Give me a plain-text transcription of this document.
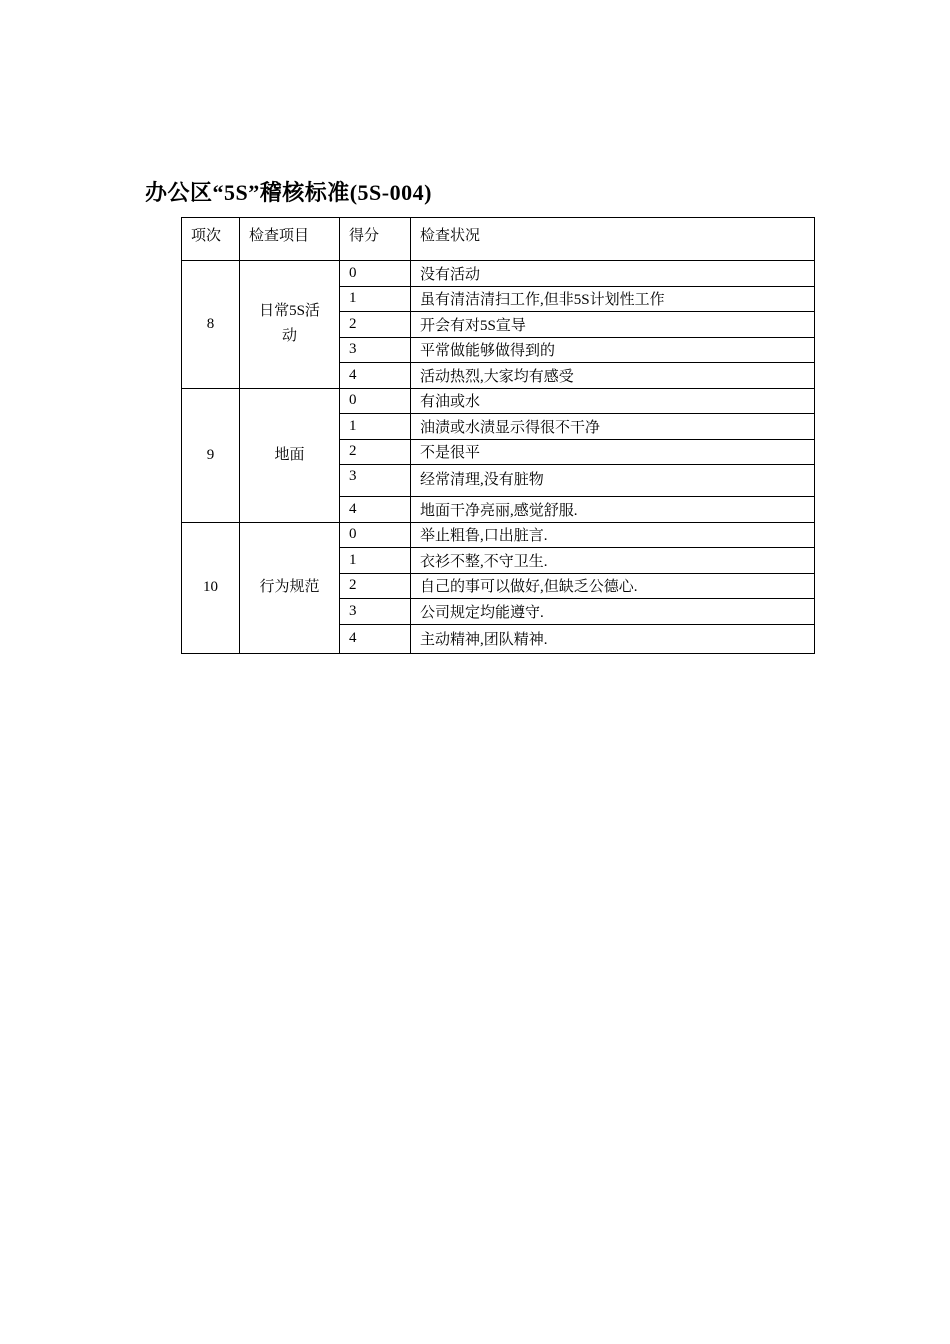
办公区“5S”稽核标准(5S-004)
项次	检查项目	得分	检查状况
8	日常5S活动	0	没有活动
		1	虽有清洁清扫工作,但非5S计划性工作
		2	开会有对5S宣导
		3	平常做能够做得到的
		4	活动热烈,大家均有感受
9	地面	0	有油或水
		1	油渍或水渍显示得很不干净
		2	不是很平
		3	经常清理,没有脏物
		4	地面干净亮丽,感觉舒服.
10	行为规范	0	举止粗鲁,口出脏言.
		1	衣衫不整,不守卫生.
		2	自己的事可以做好,但缺乏公德心.
		3	公司规定均能遵守.
		4	主动精神,团队精神.
